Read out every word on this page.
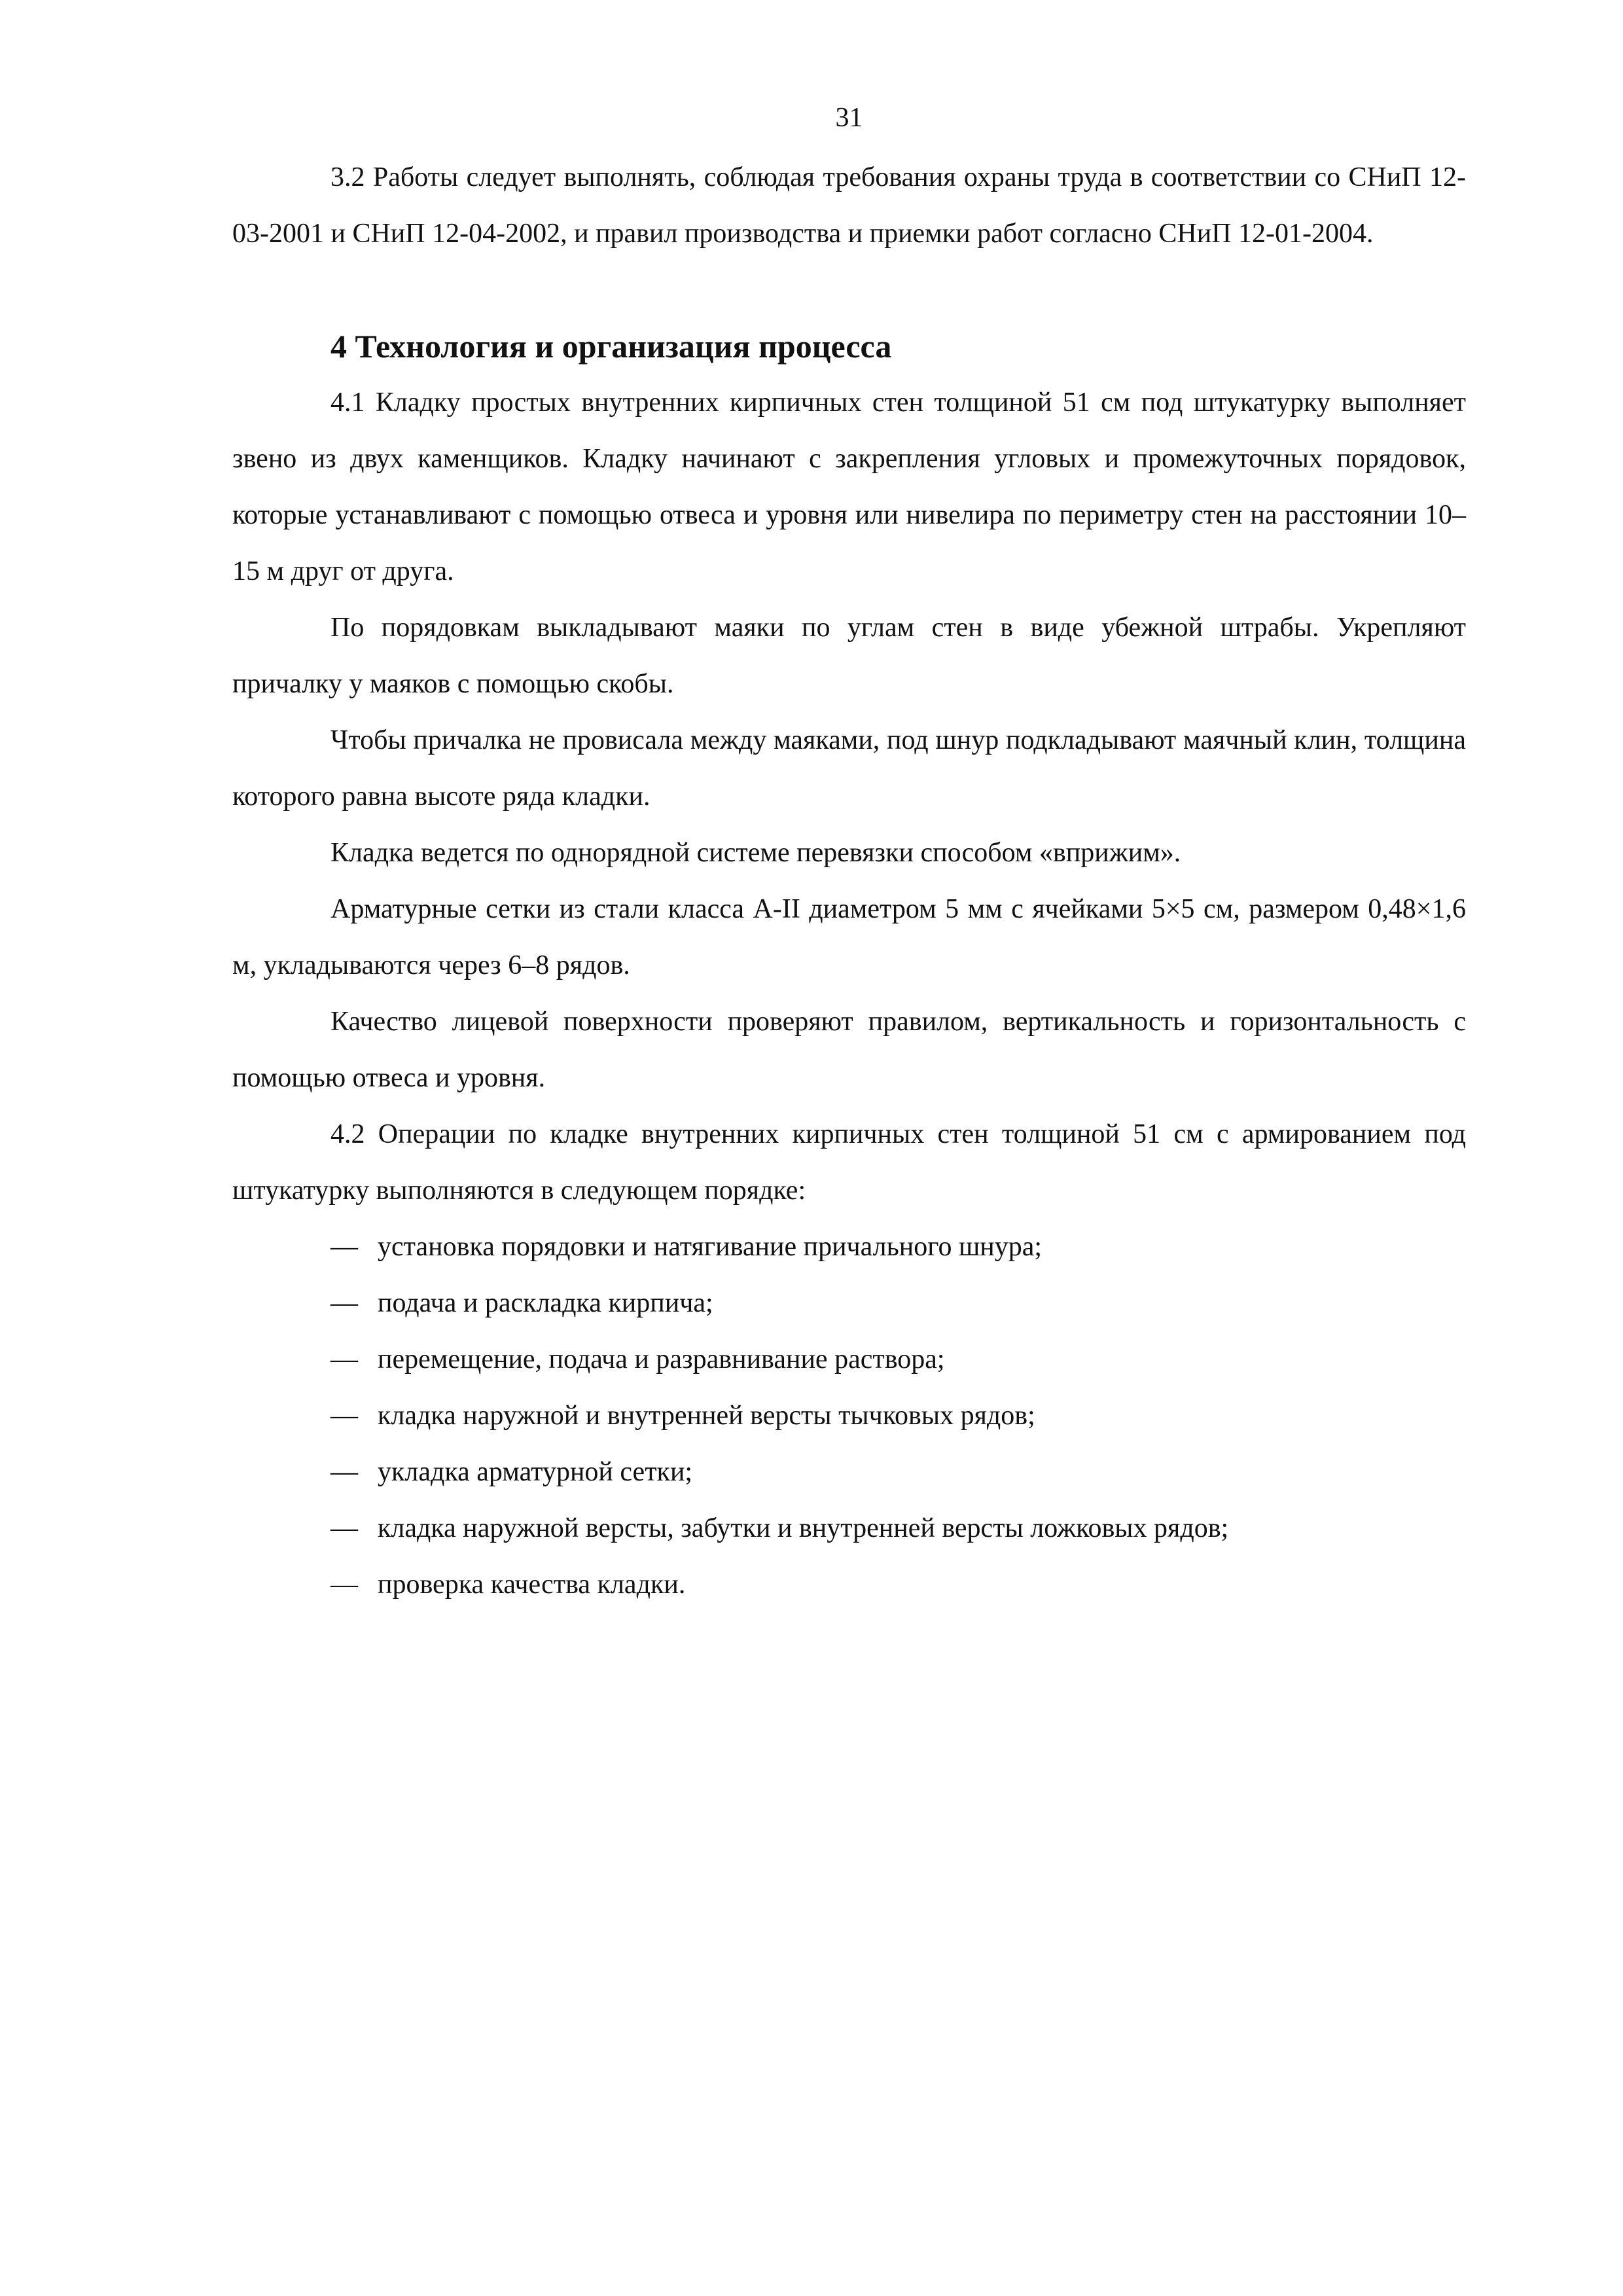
31

3.2 Работы следует выполнять, соблюдая требования охраны труда в соответствии со СНиП 12-03-2001 и СНиП 12-04-2002, и правил производства и приемки работ согласно СНиП 12-01-2004.

4 Технология и организация процесса

4.1 Кладку простых внутренних кирпичных стен толщиной 51 см под штукатурку выполняет звено из двух каменщиков. Кладку начинают с закрепления угловых и промежуточных порядовок, которые устанавливают с помощью отвеса и уровня или нивелира по периметру стен на расстоянии 10–15 м друг от друга.

По порядовкам выкладывают маяки по углам стен в виде убежной штрабы. Укрепляют причалку у маяков с помощью скобы.

Чтобы причалка не провисала между маяками, под шнур подкладывают маячный клин, толщина которого равна высоте ряда кладки.

Кладка ведется по однорядной системе перевязки способом «вприжим».

Арматурные сетки из стали класса А-II диаметром 5 мм с ячейками 5×5 см, размером 0,48×1,6 м, укладываются через 6–8 рядов.

Качество лицевой поверхности проверяют правилом, вертикальность и горизонтальность с помощью отвеса и уровня.

4.2 Операции по кладке внутренних кирпичных стен толщиной 51 см с армированием под штукатурку выполняются в следующем порядке:

— установка порядовки и натягивание причального шнура;
— подача и раскладка кирпича;
— перемещение, подача и разравнивание раствора;
— кладка наружной и внутренней версты тычковых рядов;
— укладка арматурной сетки;
— кладка наружной версты, забутки и внутренней версты ложковых рядов;
— проверка качества кладки.
